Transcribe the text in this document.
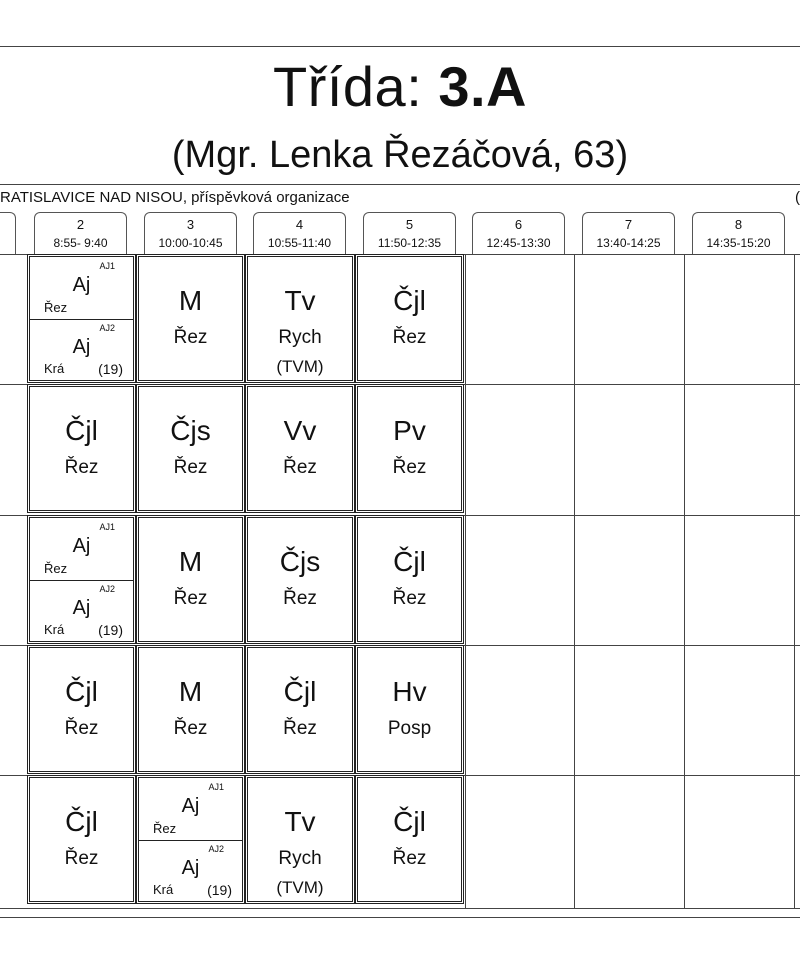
Třída: 3.A
(Mgr. Lenka Řezáčová, 63)
RATISLAVICE NAD NISOU, příspěvková organizace	(
2
8:55- 9:40
3
10:00-10:45
4
10:55-11:40
5
11:50-12:35
6
12:45-13:30
7
13:40-14:25
8
14:35-15:20
AJ1
Aj
Řez
AJ2
Aj
Krá (19)
M
Řez
Tv
Rych
(TVM)
Čjl
Řez
Čjl
Řez
Čjs
Řez
Vv
Řez
Pv
Řez
AJ1
Aj
Řez
AJ2
Aj
Krá (19)
M
Řez
Čjs
Řez
Čjl
Řez
Čjl
Řez
M
Řez
Čjl
Řez
Hv
Posp
Čjl
Řez
AJ1
Aj
Řez
AJ2
Aj
Krá (19)
Tv
Rych
(TVM)
Čjl
Řez
